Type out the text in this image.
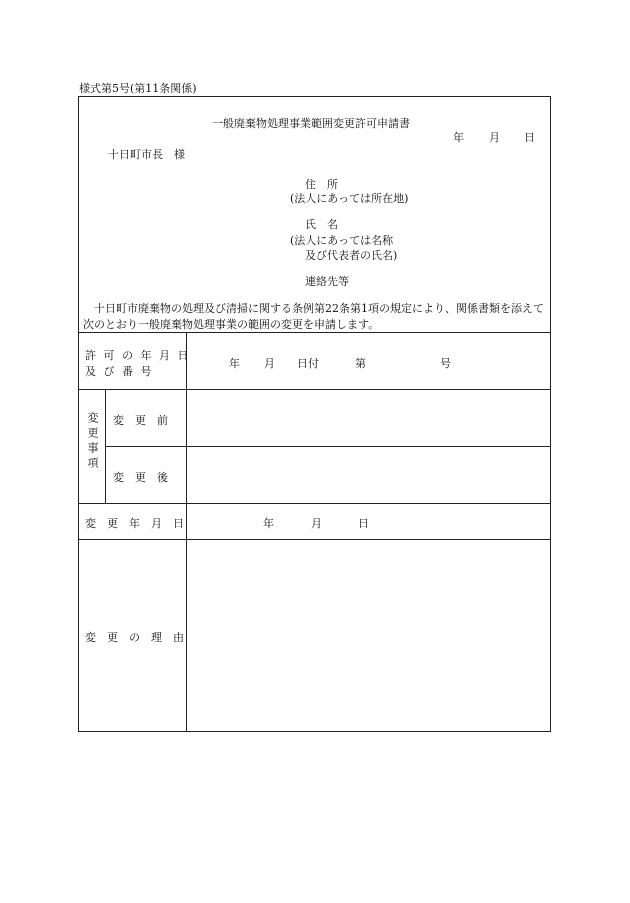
様式第5号(第11条関係)
一般廃棄物処理事業範囲変更許可申請書
年 月 日
十日町市長　様
住　所
(法人にあっては所在地)
氏　名
(法人にあっては名称
及び代表者の氏名)
連絡先等
十日町市廃棄物の処理及び清掃に関する条例第22条第1項の規定により、関係書類を添えて次のとおり一般廃棄物処理事業の範囲の変更を申請します。
許 可 の 年 月 日
及 び 番 号
年 月 日付	第	号
変更事項 変　更　前
変　更　後
変　更　年　月　日	年	月	日
変　更　の　理　由
